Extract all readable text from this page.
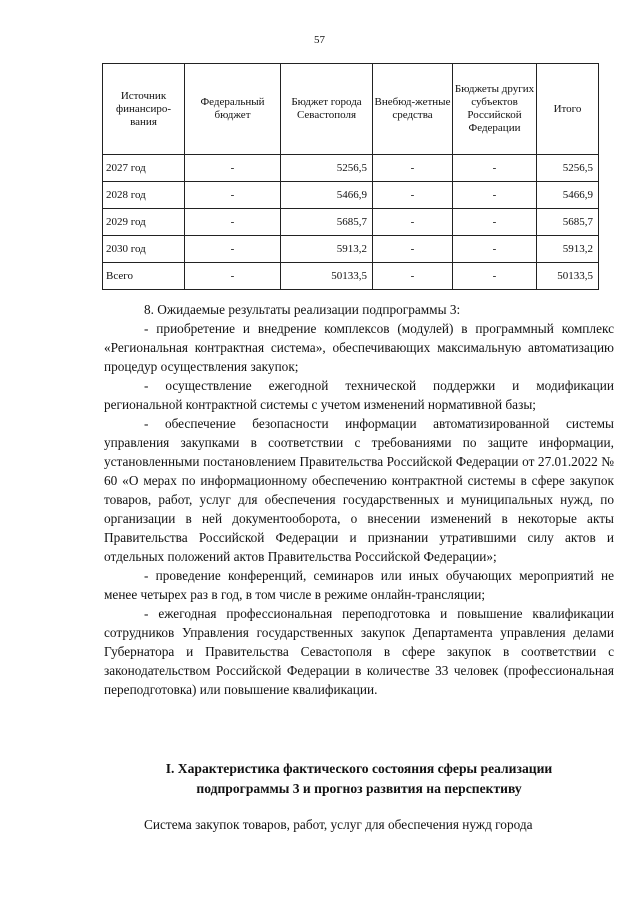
57
Источник финансиро-вания	Федеральный бюджет	Бюджет города Севастополя	Внебюд-жетные средства	Бюджеты других субъектов Российской Федерации	Итого
2027 год	-	5256,5	-	-	5256,5
2028 год	-	5466,9	-	-	5466,9
2029 год	-	5685,7	-	-	5685,7
2030 год	-	5913,2	-	-	5913,2
Всего	-	50133,5	-	-	50133,5

8. Ожидаемые результаты реализации подпрограммы 3:

- приобретение и внедрение комплексов (модулей) в программный комплекс «Региональная контрактная система», обеспечивающих максимальную автоматизацию процедур осуществления закупок;

- осуществление ежегодной технической поддержки и модификации региональной контрактной системы с учетом изменений нормативной базы;

- обеспечение безопасности информации автоматизированной системы управления закупками в соответствии с требованиями по защите информации, установленными постановлением Правительства Российской Федерации от 27.01.2022 № 60 «О мерах по информационному обеспечению контрактной системы в сфере закупок товаров, работ, услуг для обеспечения государственных и муниципальных нужд, по организации в ней документооборота, о внесении изменений в некоторые акты Правительства Российской Федерации и признании утратившими силу актов и отдельных положений актов Правительства Российской Федерации»;

- проведение конференций, семинаров или иных обучающих мероприятий не менее четырех раз в год, в том числе в режиме онлайн-трансляции;

- ежегодная профессиональная переподготовка и повышение квалификации сотрудников Управления государственных закупок Департамента управления делами Губернатора и Правительства Севастополя в сфере закупок в соответствии с законодательством Российской Федерации в количестве 33 человек (профессиональная переподготовка) или повышение квалификации.

I. Характеристика фактического состояния сферы реализации
подпрограммы 3 и прогноз развития на перспективу
Система закупок товаров, работ, услуг для обеспечения нужд города
